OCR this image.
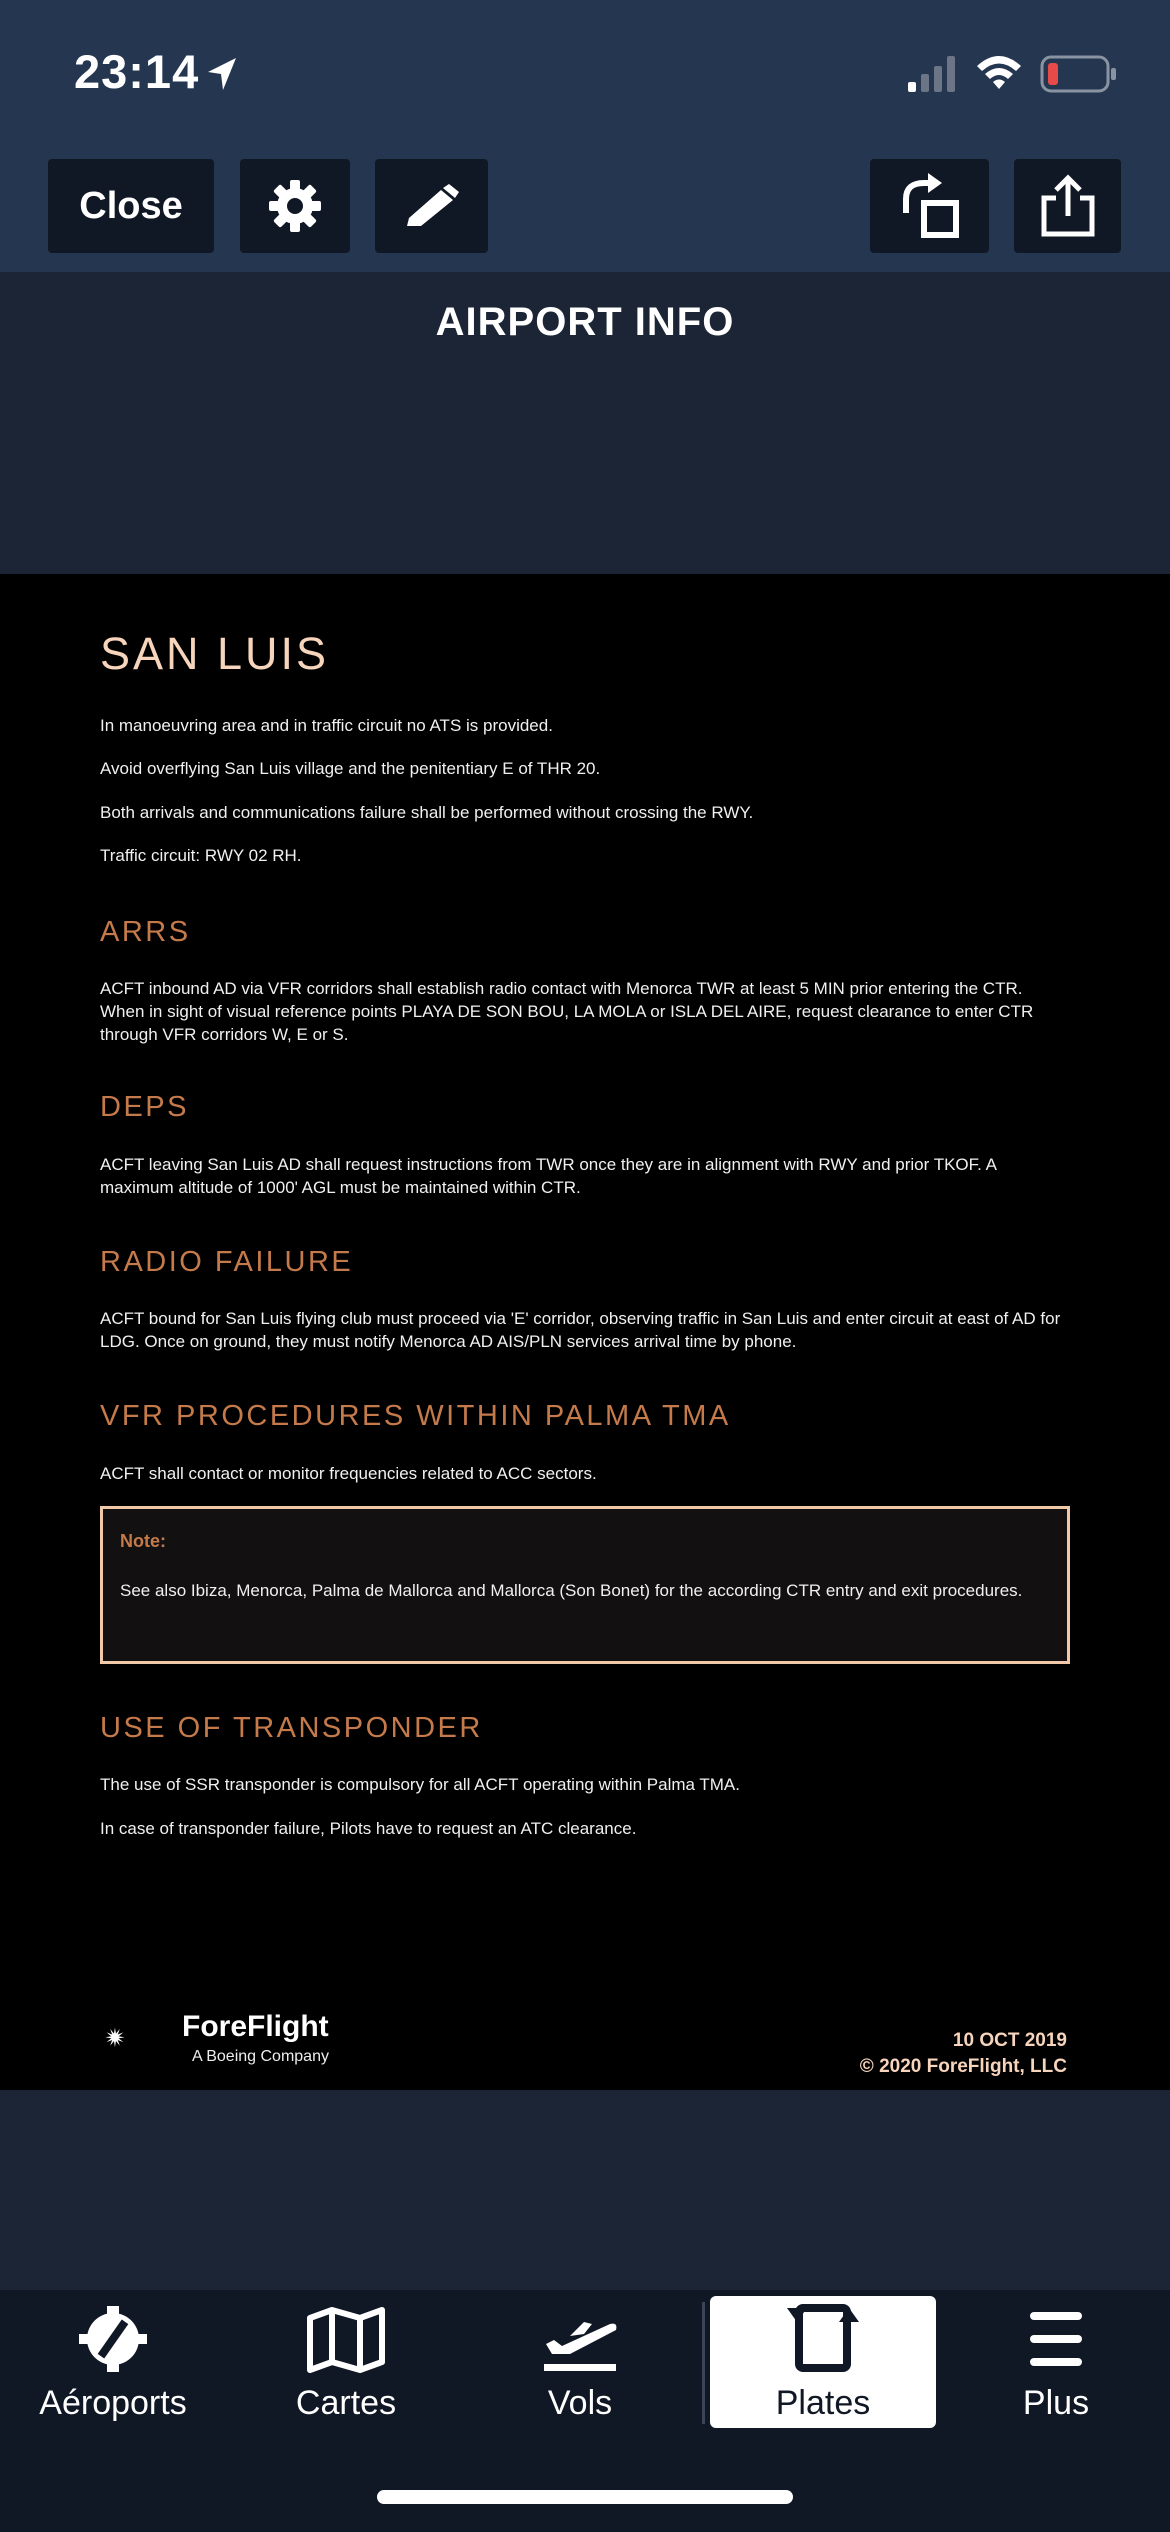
23:14
Close
AIRPORT INFO
SAN LUIS
In manoeuvring area and in traffic circuit no ATS is provided.
Avoid overflying San Luis village and the penitentiary E of THR 20.
Both arrivals and communications failure shall be performed without crossing the RWY.
Traffic circuit: RWY 02 RH.
ARRS
ACFT inbound AD via VFR corridors shall establish radio contact with Menorca TWR at least 5 MIN prior entering the CTR. When in sight of visual reference points PLAYA DE SON BOU, LA MOLA or ISLA DEL AIRE, request clearance to enter CTR through VFR corridors W, E or S.
DEPS
ACFT leaving San Luis AD shall request instructions from TWR once they are in alignment with RWY and prior TKOF. A maximum altitude of 1000' AGL must be maintained within CTR.
RADIO FAILURE
ACFT bound for San Luis flying club must proceed via 'E' corridor, observing traffic in San Luis and enter circuit at east of AD for LDG. Once on ground, they must notify Menorca AD AIS/PLN services arrival time by phone.
VFR PROCEDURES WITHIN PALMA TMA
ACFT shall contact or monitor frequencies related to ACC sectors.
Note:
See also Ibiza, Menorca, Palma de Mallorca and Mallorca (Son Bonet) for the according CTR entry and exit procedures.
USE OF TRANSPONDER
The use of SSR transponder is compulsory for all ACFT operating within Palma TMA.
In case of transponder failure, Pilots have to request an ATC clearance.
ForeFlight
A Boeing Company
10 OCT 2019
© 2020 ForeFlight, LLC
Aéroports	Cartes	Vols	Plates	Plus
